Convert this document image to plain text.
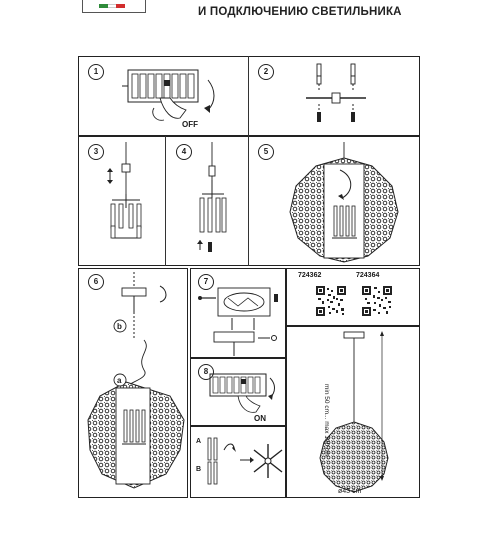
И ПОДКЛЮЧЕНИЮ СВЕТИЛЬНИКА
1
OFF
2
3	4	5
6
b
a
7
8
ON
A
B
724362	724364
min 50 cm... max 190 cm
ø43 cm
